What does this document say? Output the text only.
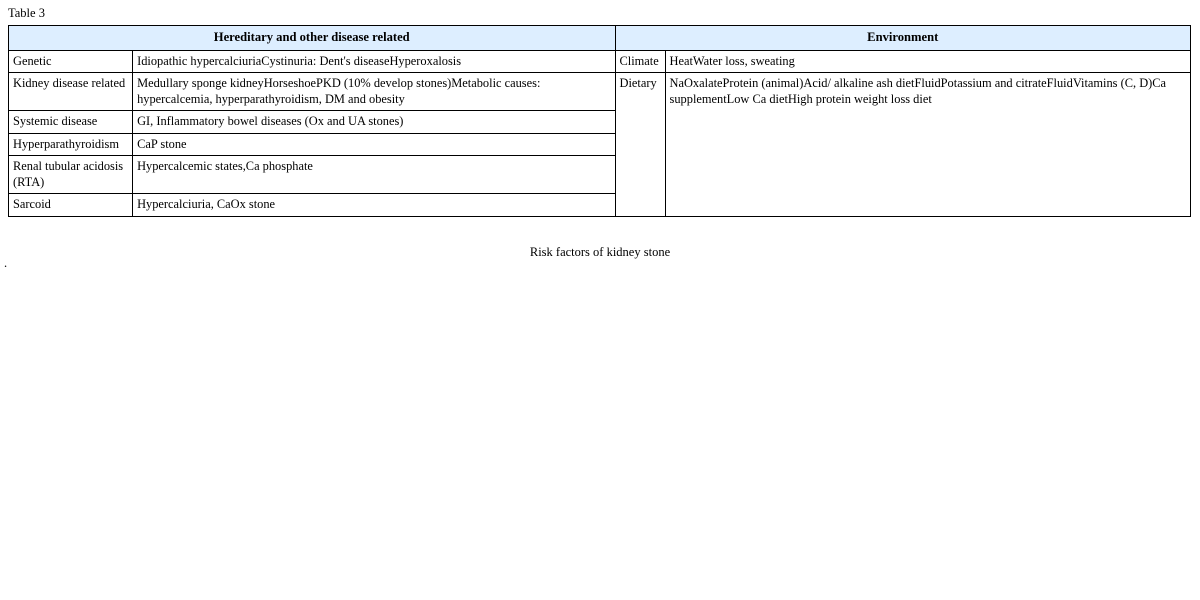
Table 3
Hereditary and other disease related		Environment	
Genetic	Idiopathic hypercalciuriaCystinuria: Dent's diseaseHyperoxalosis	Climate	HeatWater loss, sweating
Kidney disease related	Medullary sponge kidneyHorseshoePKD (10% develop stones)Metabolic causes: hypercalcemia, hyperparathyroidism, DM and obesity	Dietary	NaOxalateProtein (animal)Acid/ alkaline ash dietFluidPotassium and citrateFluidVitamins (C, D)Ca supplementLow Ca dietHigh protein weight loss diet
Systemic disease	GI, Inflammatory bowel diseases (Ox and UA stones)		
Hyperparathyroidism	CaP stone		
Renal tubular acidosis (RTA)	Hypercalcemic states,Ca phosphate		
Sarcoid	Hypercalciuria, CaOx stone		
Risk factors of kidney stone
.
